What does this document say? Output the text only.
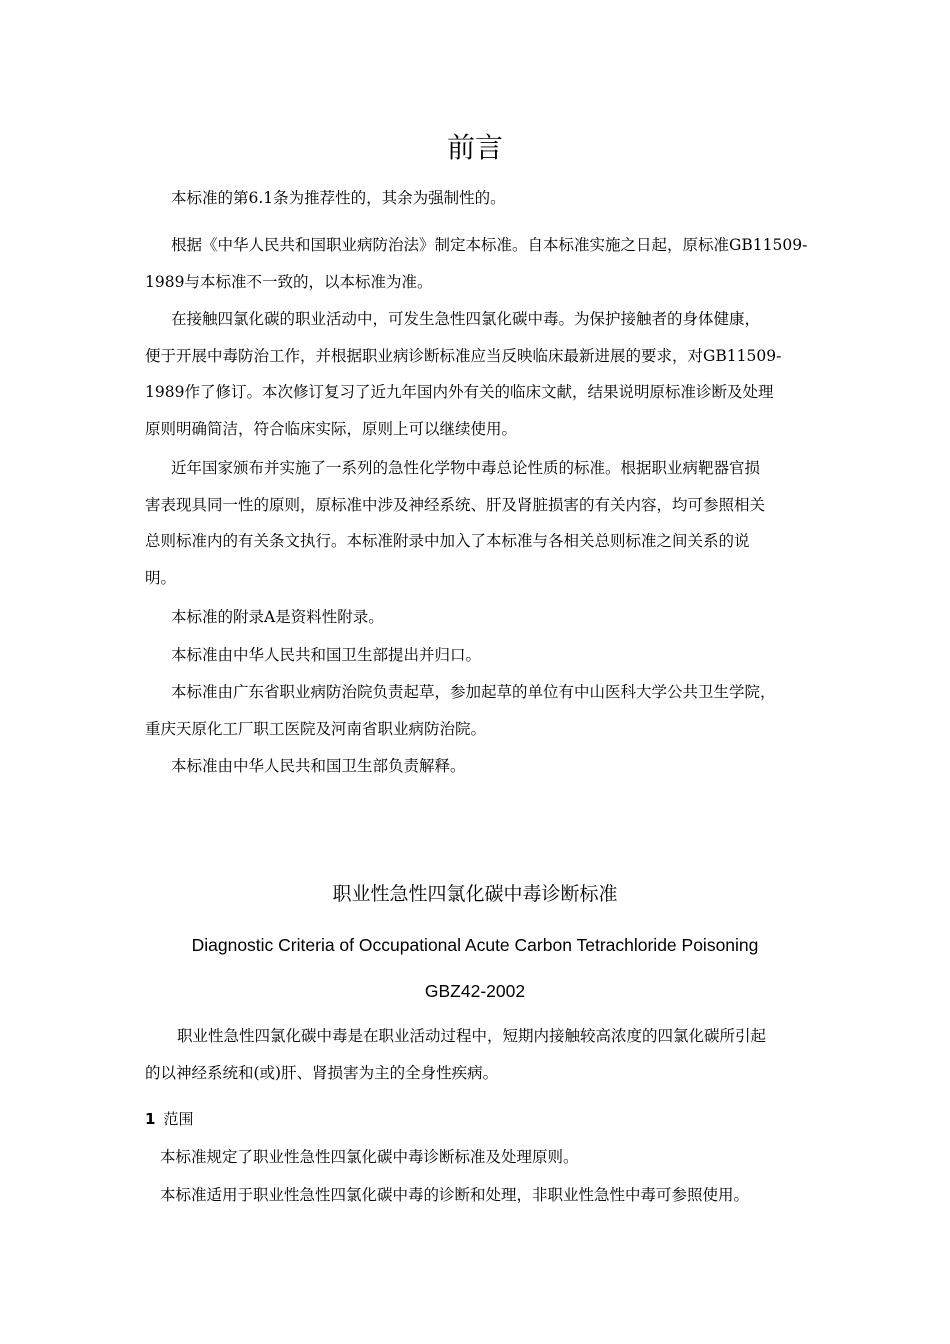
前言

本标准的第6.1条为推荐性的，其余为强制性的。

根据《中华人民共和国职业病防治法》制定本标准。自本标准实施之日起，原标准GB11509-
1989与本标准不一致的，以本标准为准。

在接触四氯化碳的职业活动中，可发生急性四氯化碳中毒。为保护接触者的身体健康，
便于开展中毒防治工作，并根据职业病诊断标准应当反映临床最新进展的要求，对GB11509-
1989作了修订。本次修订复习了近九年国内外有关的临床文献，结果说明原标准诊断及处理
原则明确简洁，符合临床实际，原则上可以继续使用。

近年国家颁布并实施了一系列的急性化学物中毒总论性质的标准。根据职业病靶器官损
害表现具同一性的原则，原标准中涉及神经系统、肝及肾脏损害的有关内容，均可参照相关
总则标准内的有关条文执行。本标准附录中加入了本标准与各相关总则标准之间关系的说
明。

本标准的附录A是资料性附录。

本标准由中华人民共和国卫生部提出并归口。

本标准由广东省职业病防治院负责起草，参加起草的单位有中山医科大学公共卫生学院，
重庆天原化工厂职工医院及河南省职业病防治院。

本标准由中华人民共和国卫生部负责解释。

职业性急性四氯化碳中毒诊断标准
Diagnostic Criteria of Occupational Acute Carbon Tetrachloride Poisoning
GBZ42-2002
职业性急性四氯化碳中毒是在职业活动过程中，短期内接触较高浓度的四氯化碳所引起
的以神经系统和(或)肝、肾损害为主的全身性疾病。
1 范围
本标准规定了职业性急性四氯化碳中毒诊断标准及处理原则。
本标准适用于职业性急性四氯化碳中毒的诊断和处理，非职业性急性中毒可参照使用。
